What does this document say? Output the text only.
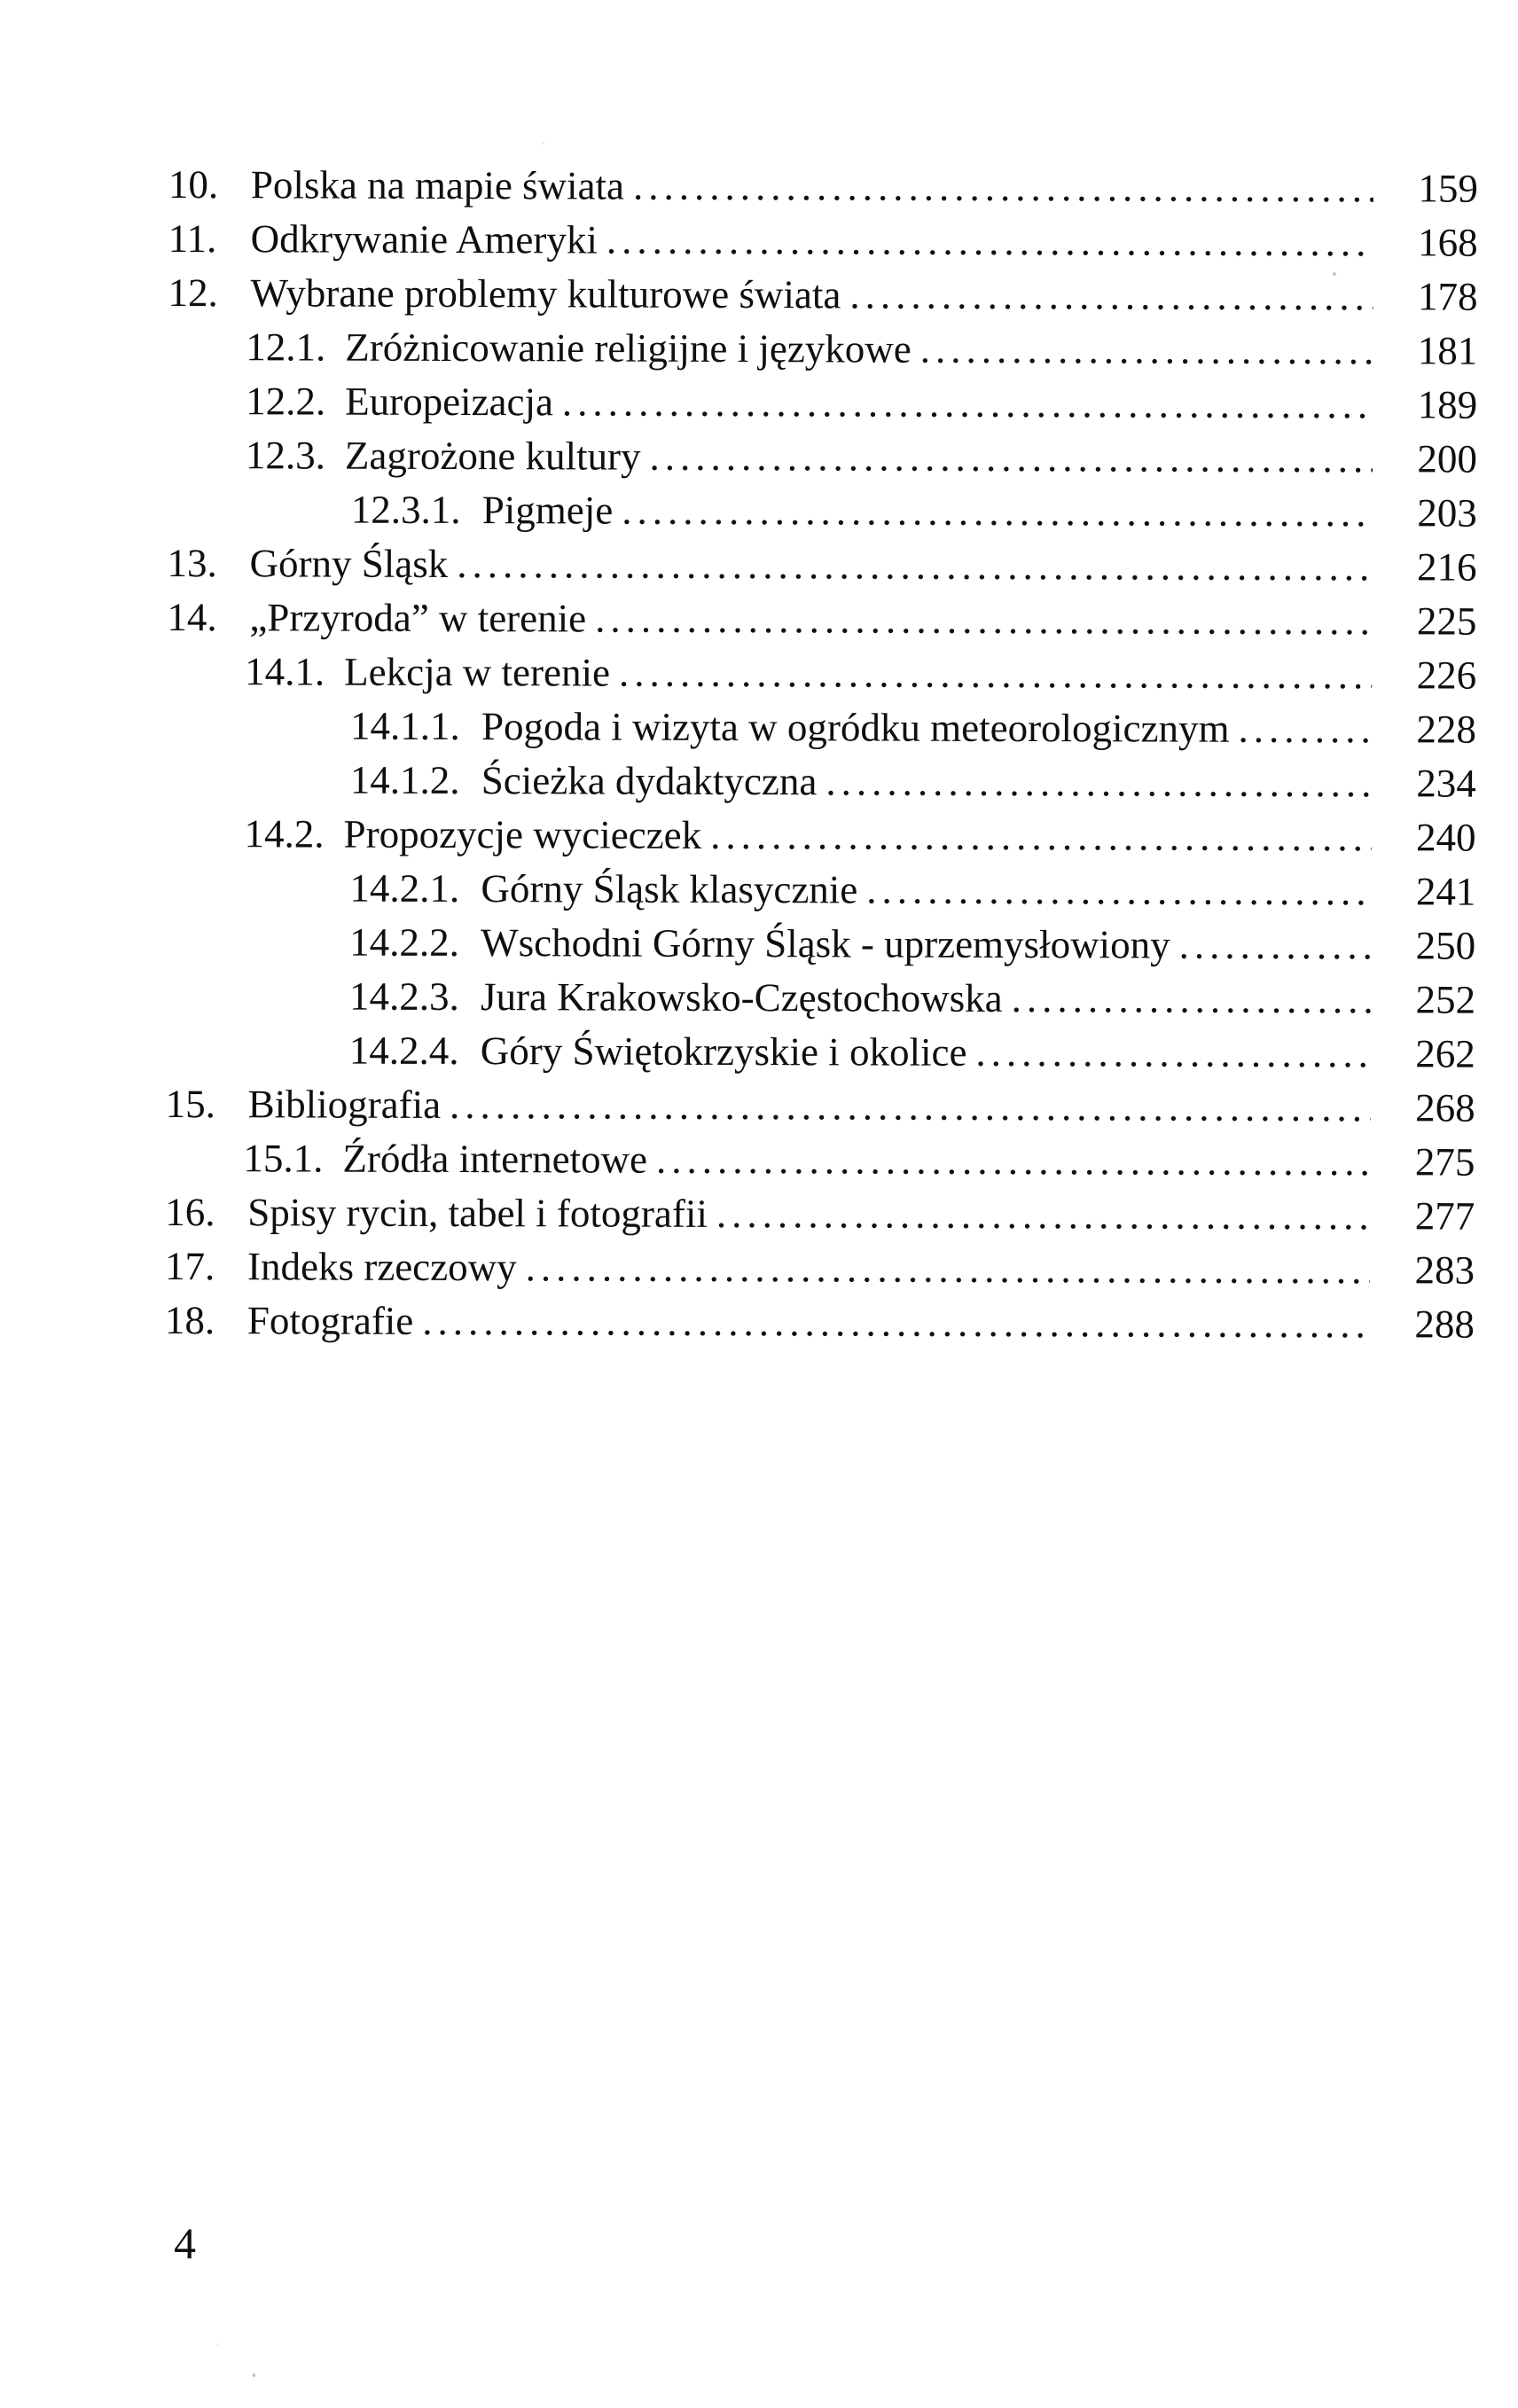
10. Polska na mapie świata .....	159
11. Odkrywanie Ameryki .....	168
12. Wybrane problemy kulturowe świata .....	178
12.1. Zróżnicowanie religijne i językowe .....	181
12.2. Europeizacja .....	189
12.3. Zagrożone kultury .....	200
12.3.1. Pigmeje .....	203
13. Górny Śląsk .....	216
14. „Przyroda” w terenie .....	225
14.1. Lekcja w terenie .....	226
14.1.1. Pogoda i wizyta w ogródku meteorologicznym .....	228
14.1.2. Ścieżka dydaktyczna .....	234
14.2. Propozycje wycieczek .....	240
14.2.1. Górny Śląsk klasycznie .....	241
14.2.2. Wschodni Górny Śląsk - uprzemysłowiony .....	250
14.2.3. Jura Krakowsko-Częstochowska .....	252
14.2.4. Góry Świętokrzyskie i okolice .....	262
15. Bibliografia .....	268
15.1. Źródła internetowe .....	275
16. Spisy rycin, tabel i fotografii .....	277
17. Indeks rzeczowy .....	283
18. Fotografie .....	288
4
